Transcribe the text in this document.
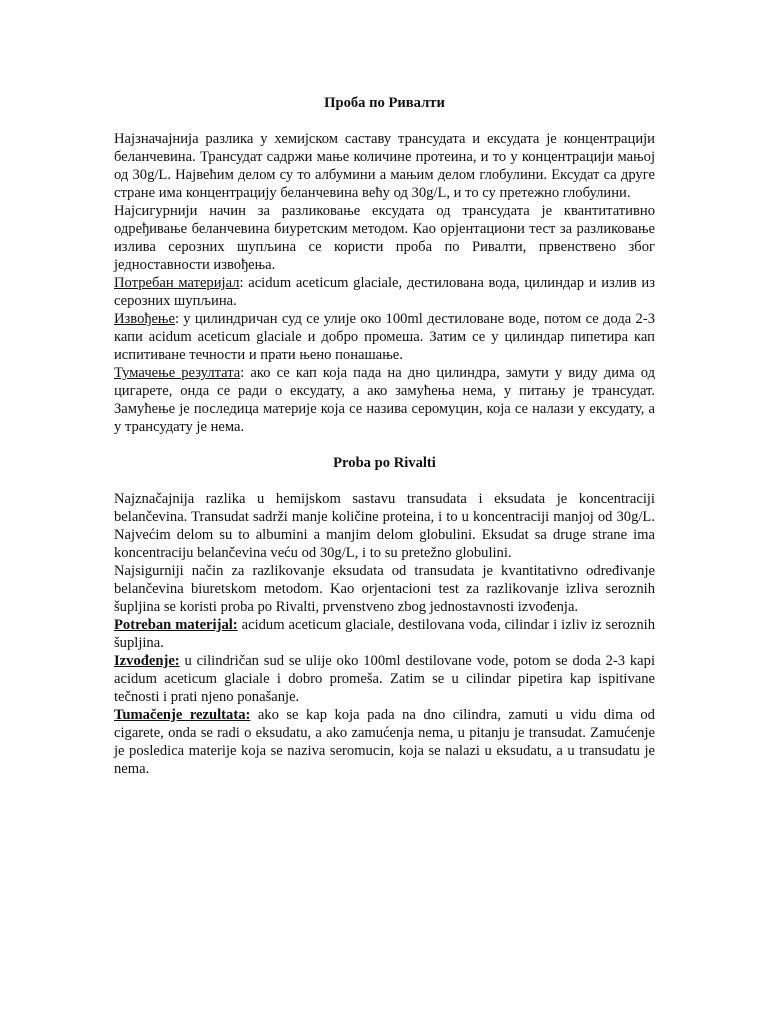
Проба по Ривалти

Најзначајнија разлика у хемијском саставу трансудата и ексудата је концентрацији беланчевина. Трансудат садржи мање количине протеина, и то у концентрацији мањој од 30g/L. Највећим делом су то албумини а мањим делом глобулини. Ексудат са друге стране има концентрацију беланчевина већу од 30g/L, и то су претежно глобулини.

Најсигурнији начин за разликовање ексудата од трансудата је квантитативно одређивање беланчевина биуретским методом. Као орјентациони тест за разликовање излива серозних шупљина се користи проба по Ривалти, првенствено због једноставности извођења.

Потребан материјал: acidum aceticum glaciale, дестилована вода, цилиндар и излив из серозних шупљина.

Извођење: у цилиндричан суд се улије око 100ml дестиловане воде, потом се дода 2-3 капи acidum aceticum glaciale и добро промеша. Затим се у цилиндар пипетира кап испитиване течности и прати њено понашање.

Тумачење резултата: ако се кап која пада на дно цилиндра, замути у виду дима од цигарете, онда се ради о ексудату, а ако замућења нема, у питању је трансудат. Замућење је последица материје која се назива серомуцин, која се налази у ексудату, а у трансудату је нема.

Proba po Rivalti

Najznačajnija razlika u hemijskom sastavu transudata i eksudata je koncentraciji belančevina. Transudat sadrži manje količine proteina, i to u koncentraciji manjoj od 30g/L. Najvećim delom su to albumini a manjim delom globulini. Eksudat sa druge strane ima koncentraciju belančevina veću od 30g/L, i to su pretežno globulini.

Najsigurniji način za razlikovanje eksudata od transudata je kvantitativno određivanje belančevina biuretskom metodom. Kao orjentacioni test za razlikovanje izliva seroznih šupljina se koristi proba po Rivalti, prvenstveno zbog jednostavnosti izvođenja.

Potreban materijal: acidum aceticum glaciale, destilovana voda, cilindar i izliv iz seroznih šupljina.

Izvođenje: u cilindričan sud se ulije oko 100ml destilovane vode, potom se doda 2-3 kapi acidum aceticum glaciale i dobro promeša. Zatim se u cilindar pipetira kap ispitivane tečnosti i prati njeno ponašanje.

Tumačenje rezultata: ako se kap koja pada na dno cilindra, zamuti u vidu dima od cigarete, onda se radi o eksudatu, a ako zamućenja nema, u pitanju je transudat. Zamućenje je posledica materije koja se naziva seromucin, koja se nalazi u eksudatu, a u transudatu je nema.
